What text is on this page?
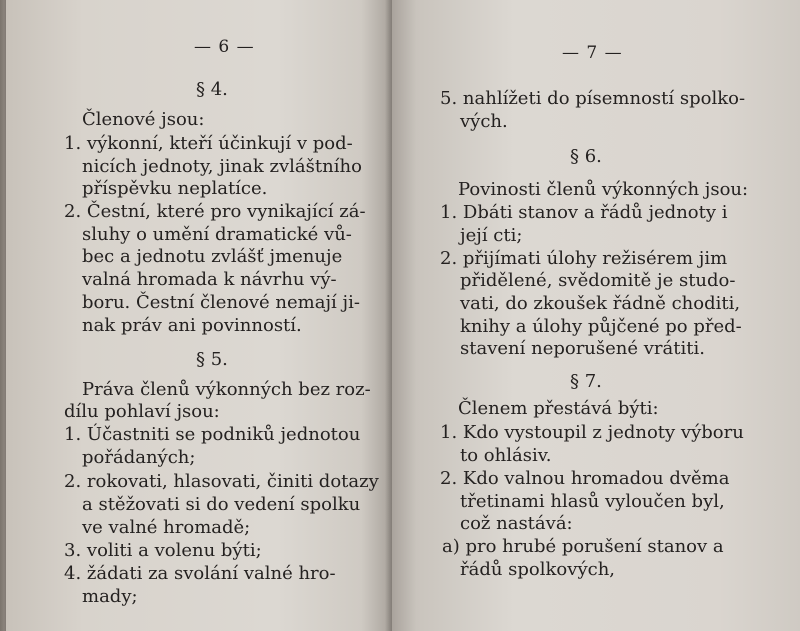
— 6 —
§ 4.
Členové jsou:
1. výkonní, kteří účinkují v pod-
nicích jednoty, jinak zvláštního
příspěvku neplatíce.
2. Čestní, které pro vynikající zá-
sluhy o umění dramatické vů-
bec a jednotu zvlášť jmenuje
valná hromada k návrhu vý-
boru. Čestní členové nemají ji-
nak práv ani povinností.
§ 5.
Práva členů výkonných bez roz-
dílu pohlaví jsou:
1. Účastniti se podniků jednotou
pořádaných;
2. rokovati, hlasovati, činiti dotazy
a stěžovati si do vedení spolku
ve valné hromadě;
3. voliti a volenu býti;
4. žádati za svolání valné hro-
mady;
— 7 —
5. nahlížeti do písemností spolko-
vých.
§ 6.
Povinosti členů výkonných jsou:
1. Dbáti stanov a řádů jednoty i
její cti;
2. přijímati úlohy režisérem jim
přidělené, svědomitě je studo-
vati, do zkoušek řádně choditi,
knihy a úlohy půjčené po před-
stavení neporušené vrátiti.
§ 7.
Členem přestává býti:
1. Kdo vystoupil z jednoty výboru
to ohlásiv.
2. Kdo valnou hromadou dvěma
třetinami hlasů vyloučen byl,
což nastává:
a) pro hrubé porušení stanov a
řádů spolkových,
